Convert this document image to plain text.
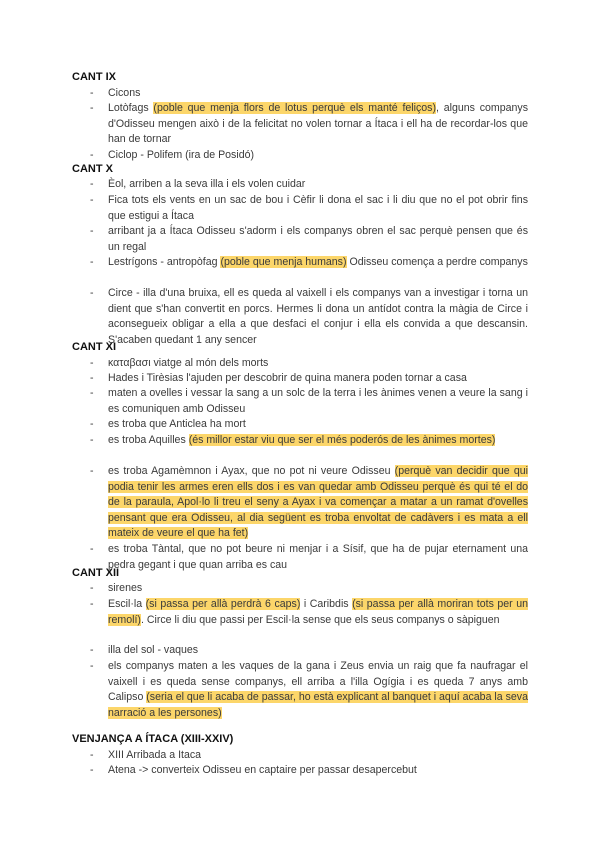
CANT IX
- Cicons
- Lotòfags (poble que menja flors de lotus perquè els manté feliços), alguns companys d'Odisseu mengen això i de la felicitat no volen tornar a Ítaca i ell ha de recordar-los que han de tornar
- Ciclop - Polifem (ira de Posidó)
CANT X
- Èol, arriben a la seva illa i els volen cuidar
- Fica tots els vents en un sac de bou i Cèfir li dona el sac i li diu que no el pot obrir fins que estigui a Ítaca
- arribant ja a Ítaca Odisseu s'adorm i els companys obren el sac perquè pensen que és un regal
- Lestrígons - antropòfag (poble que menja humans) Odisseu comença a perdre companys
- Circe - illa d'una bruixa, ell es queda al vaixell i els companys van a investigar i torna un dient que s'han convertit en porcs. Hermes li dona un antídot contra la màgia de Circe i aconsegueix obligar a ella a que desfaci el conjur i ella els convida a que descansin. S'acaben quedant 1 any sencer
CANT XI
- καταβασι viatge al món dels morts
- Hades i Tirèsias l'ajuden per descobrir de quina manera poden tornar a casa
- maten a ovelles i vessar la sang a un solc de la terra i les ànimes venen a veure la sang i es comuniquen amb Odisseu
- es troba que Anticlea ha mort
- es troba Aquilles (és millor estar viu que ser el més poderós de les ànimes mortes)
- es troba Agamèmnon i Ayax, que no pot ni veure Odisseu (perquè van decidir que qui podia tenir les armes eren ells dos i es van quedar amb Odisseu perquè és qui té el do de la paraula, Apol·lo li treu el seny a Ayax i va començar a matar a un ramat d'ovelles pensant que era Odisseu, al dia següent es troba envoltat de cadàvers i es mata a ell mateix de veure el que ha fet)
- es troba Tàntal, que no pot beure ni menjar i a Sísif, que ha de pujar eternament una pedra gegant i que quan arriba es cau
CANT XII
- sirenes
- Escil·la (si passa per allà perdrà 6 caps) i Caribdis (si passa per allà moriran tots per un remolí). Circe li diu que passi per Escil·la sense que els seus companys o sàpiguen
- illa del sol - vaques
- els companys maten a les vaques de la gana i Zeus envia un raig que fa naufragar el vaixell i es queda sense companys, ell arriba a l'illa Ogígia i es queda 7 anys amb Calipso (seria el que li acaba de passar, ho està explicant al banquet i aquí acaba la seva narració a les persones)
VENJANÇA A ÍTACA (XIII-XXIV)
- XIII Arribada a Itaca
- Atena -> converteix Odisseu en captaire per passar desapercebut
